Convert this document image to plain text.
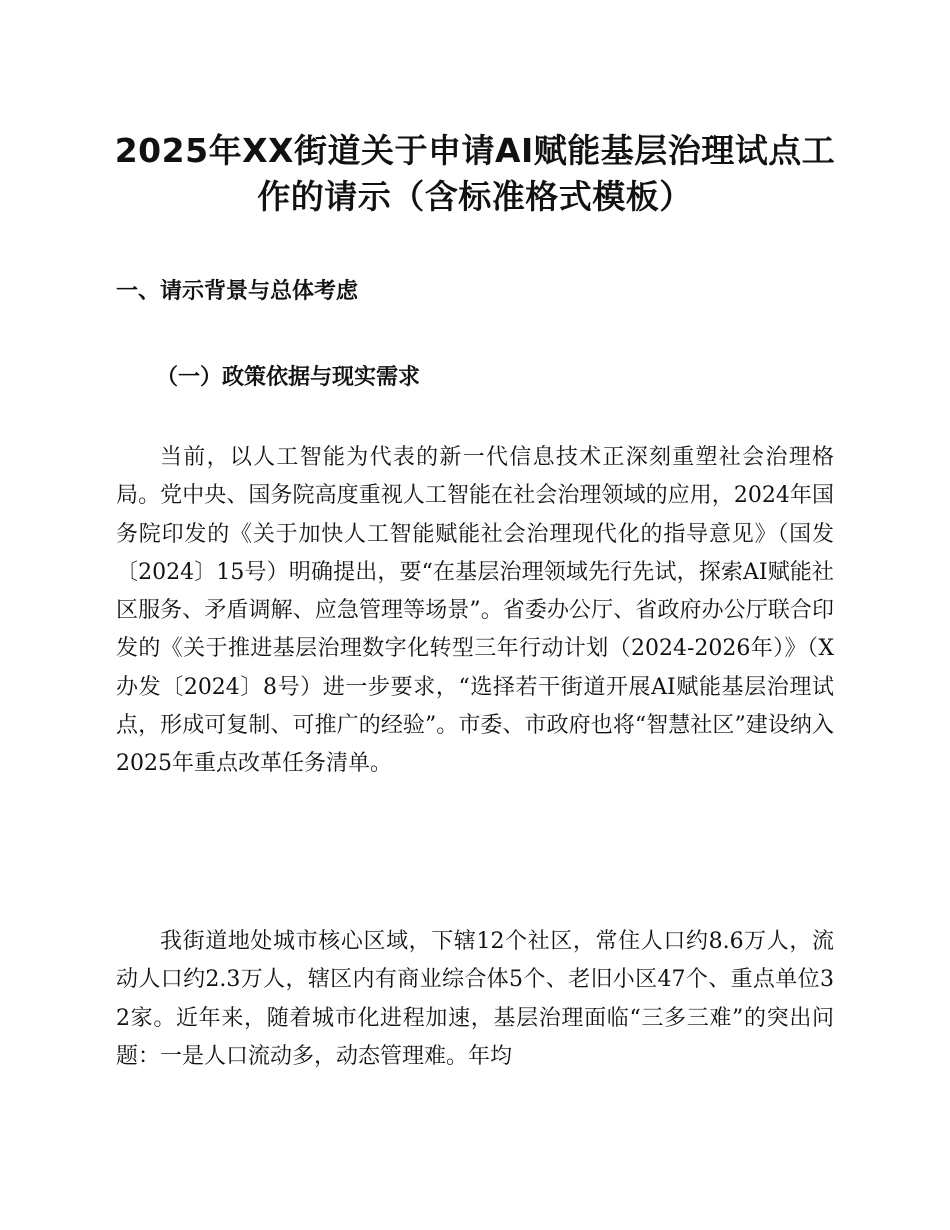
2025年XX街道关于申请AI赋能基层治理试点工作的请示（含标准格式模板）
一、请示背景与总体考虑
（一）政策依据与现实需求

当前，以人工智能为代表的新一代信息技术正深刻重塑社会治理格局。党中央、国务院高度重视人工智能在社会治理领域的应用，2024年国务院印发的《关于加快人工智能赋能社会治理现代化的指导意见》（国发〔2024〕15号）明确提出，要“在基层治理领域先行先试，探索AI赋能社区服务、矛盾调解、应急管理等场景”。省委办公厅、省政府办公厅联合印发的《关于推进基层治理数字化转型三年行动计划（2024-2026年）》（X办发〔2024〕8号）进一步要求，“选择若干街道开展AI赋能基层治理试点，形成可复制、可推广的经验”。市委、市政府也将“智慧社区”建设纳入2025年重点改革任务清单。

我街道地处城市核心区域，下辖12个社区，常住人口约8.6万人，流动人口约2.3万人，辖区内有商业综合体5个、老旧小区47个、重点单位32家。近年来，随着城市化进程加速，基层治理面临“三多三难”的突出问题：一是人口流动多，动态管理难。年均
